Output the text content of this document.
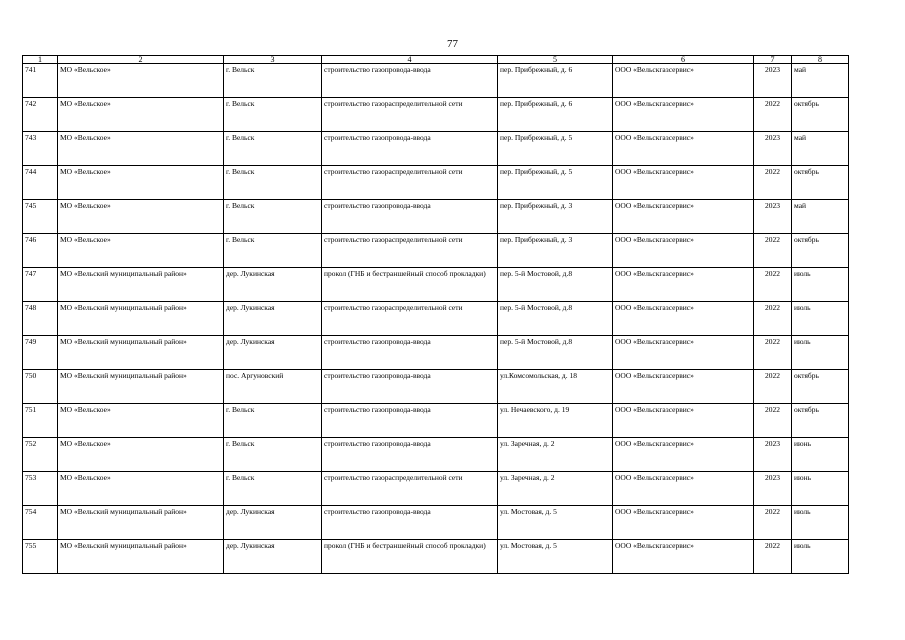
77
1	2	3	4	5	6	7	8
741	МО «Вельское»	г. Вельск	строительство газопровода-ввода	пер. Прибрежный, д. 6	ООО «Вельскгазсервис»	2023	май
742	МО «Вельское»	г. Вельск	строительство газораспределительной сети	пер. Прибрежный, д. 6	ООО «Вельскгазсервис»	2022	октябрь
743	МО «Вельское»	г. Вельск	строительство газопровода-ввода	пер. Прибрежный, д. 5	ООО «Вельскгазсервис»	2023	май
744	МО «Вельское»	г. Вельск	строительство газораспределительной сети	пер. Прибрежный, д. 5	ООО «Вельскгазсервис»	2022	октябрь
745	МО «Вельское»	г. Вельск	строительство газопровода-ввода	пер. Прибрежный, д. 3	ООО «Вельскгазсервис»	2023	май
746	МО «Вельское»	г. Вельск	строительство газораспределительной сети	пер. Прибрежный, д. 3	ООО «Вельскгазсервис»	2022	октябрь
747	МО «Вельский муниципальный район»	дер. Лукинская	прокол (ГНБ и бестраншейный способ прокладки)	пер. 5-й Мостовой, д.8	ООО «Вельскгазсервис»	2022	июль
748	МО «Вельский муниципальный район»	дер. Лукинская	строительство газораспределительной сети	пер. 5-й Мостовой, д.8	ООО «Вельскгазсервис»	2022	июль
749	МО «Вельский муниципальный район»	дер. Лукинская	строительство газопровода-ввода	пер. 5-й Мостовой, д.8	ООО «Вельскгазсервис»	2022	июль
750	МО «Вельский муниципальный район»	пос. Аргуновский	строительство газопровода-ввода	ул.Комсомольская, д. 18	ООО «Вельскгазсервис»	2022	октябрь
751	МО «Вельское»	г. Вельск	строительство газопровода-ввода	ул. Нечаевского, д. 19	ООО «Вельскгазсервис»	2022	октябрь
752	МО «Вельское»	г. Вельск	строительство газопровода-ввода	ул. Заречная, д. 2	ООО «Вельскгазсервис»	2023	июнь
753	МО «Вельское»	г. Вельск	строительство газораспределительной сети	ул. Заречная, д. 2	ООО «Вельскгазсервис»	2023	июнь
754	МО «Вельский муниципальный район»	дер. Лукинская	строительство газопровода-ввода	ул. Мостовая, д. 5	ООО «Вельскгазсервис»	2022	июль
755	МО «Вельский муниципальный район»	дер. Лукинская	прокол (ГНБ и бестраншейный способ прокладки)	ул. Мостовая, д. 5	ООО «Вельскгазсервис»	2022	июль
